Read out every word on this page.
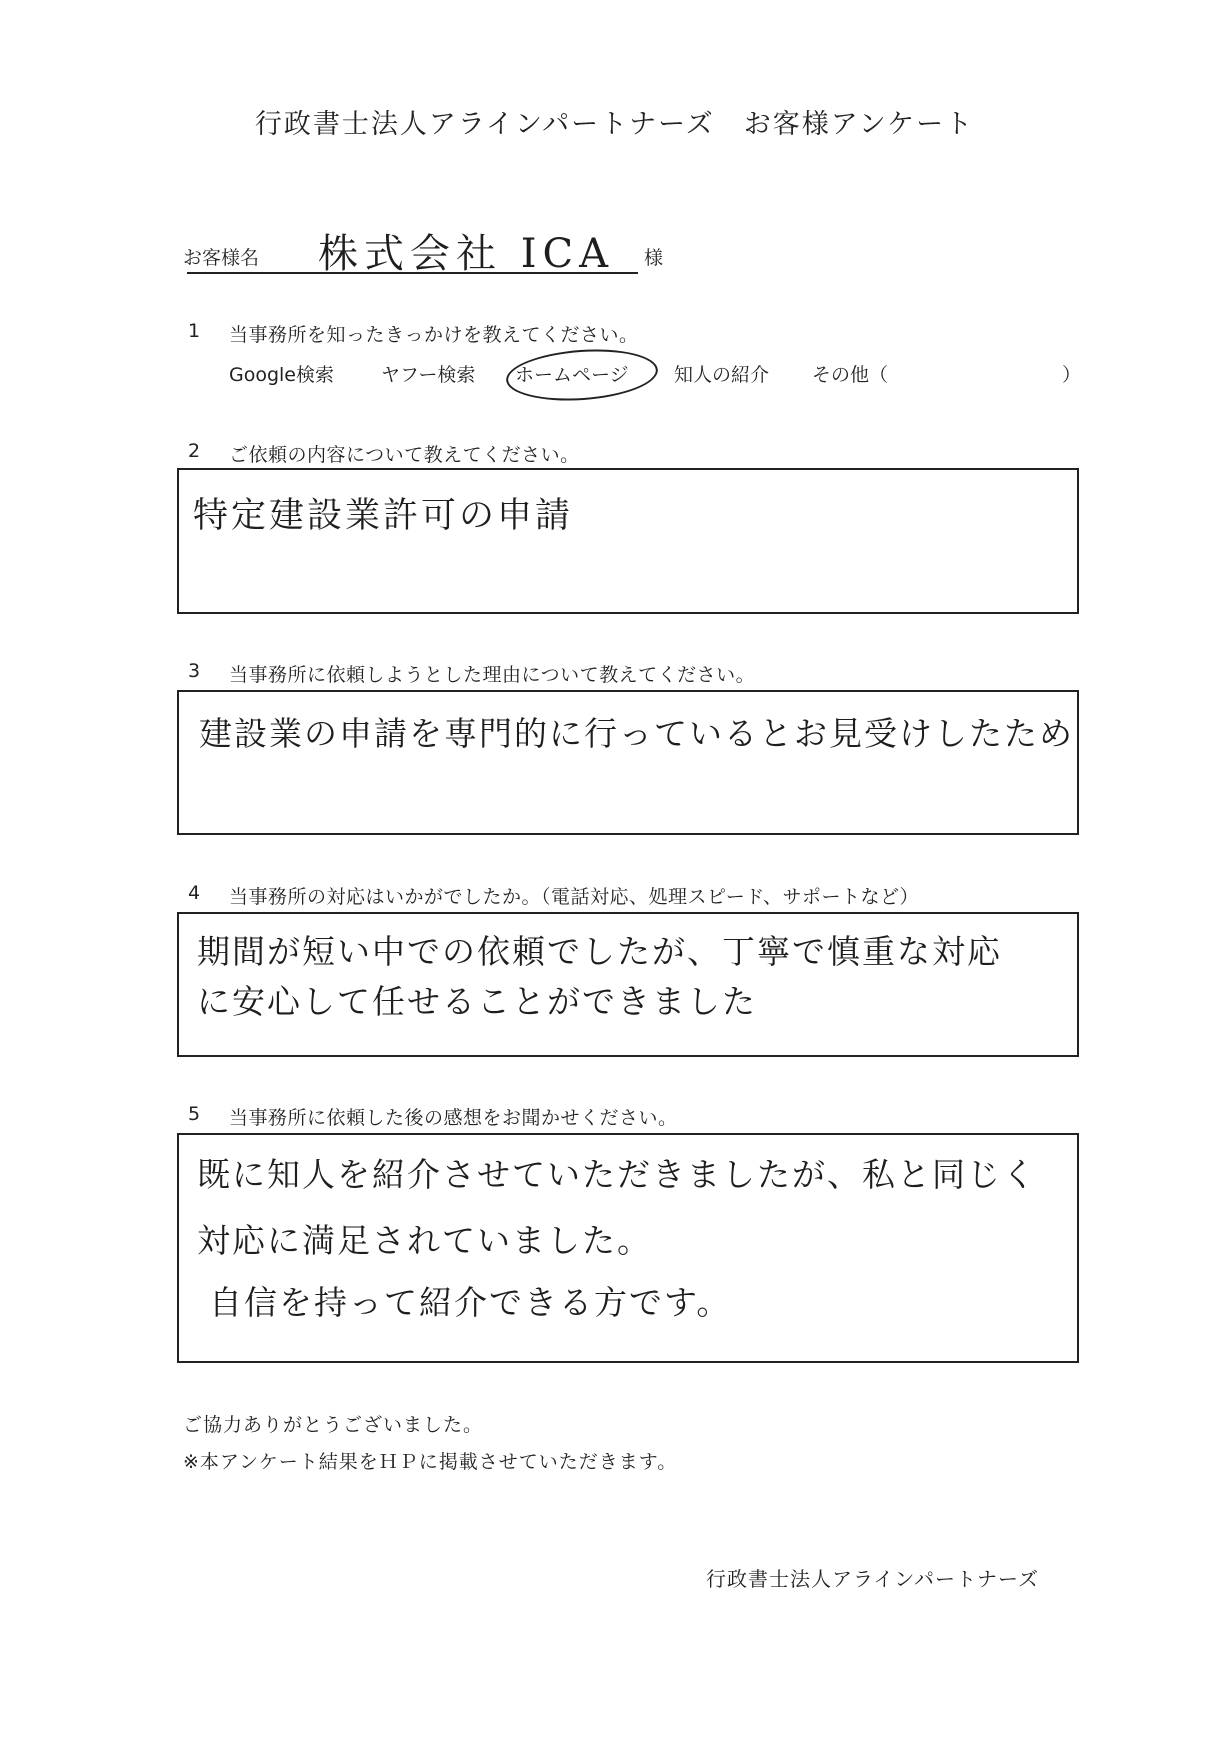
行政書士法人アラインパートナーズ　お客様アンケート
お客様名 株式会社 ICA 様
1 当事務所を知ったきっかけを教えてください。
Google検索 ヤフー検索 ホームページ 知人の紹介 その他（	）
2 ご依頼の内容について教えてください。
特定建設業許可の申請
3 当事務所に依頼しようとした理由について教えてください。
建設業の申請を専門的に行っているとお見受けしたため
4 当事務所の対応はいかがでしたか。（電話対応、処理スピード、サポートなど）
期間が短い中での依頼でしたが、丁寧で慎重な対応
に安心して任せることができました
5 当事務所に依頼した後の感想をお聞かせください。
既に知人を紹介させていただきましたが、私と同じく
対応に満足されていました。
自信を持って紹介できる方です。
ご協力ありがとうございました。
※本アンケート結果をＨＰに掲載させていただきます。
行政書士法人アラインパートナーズ
